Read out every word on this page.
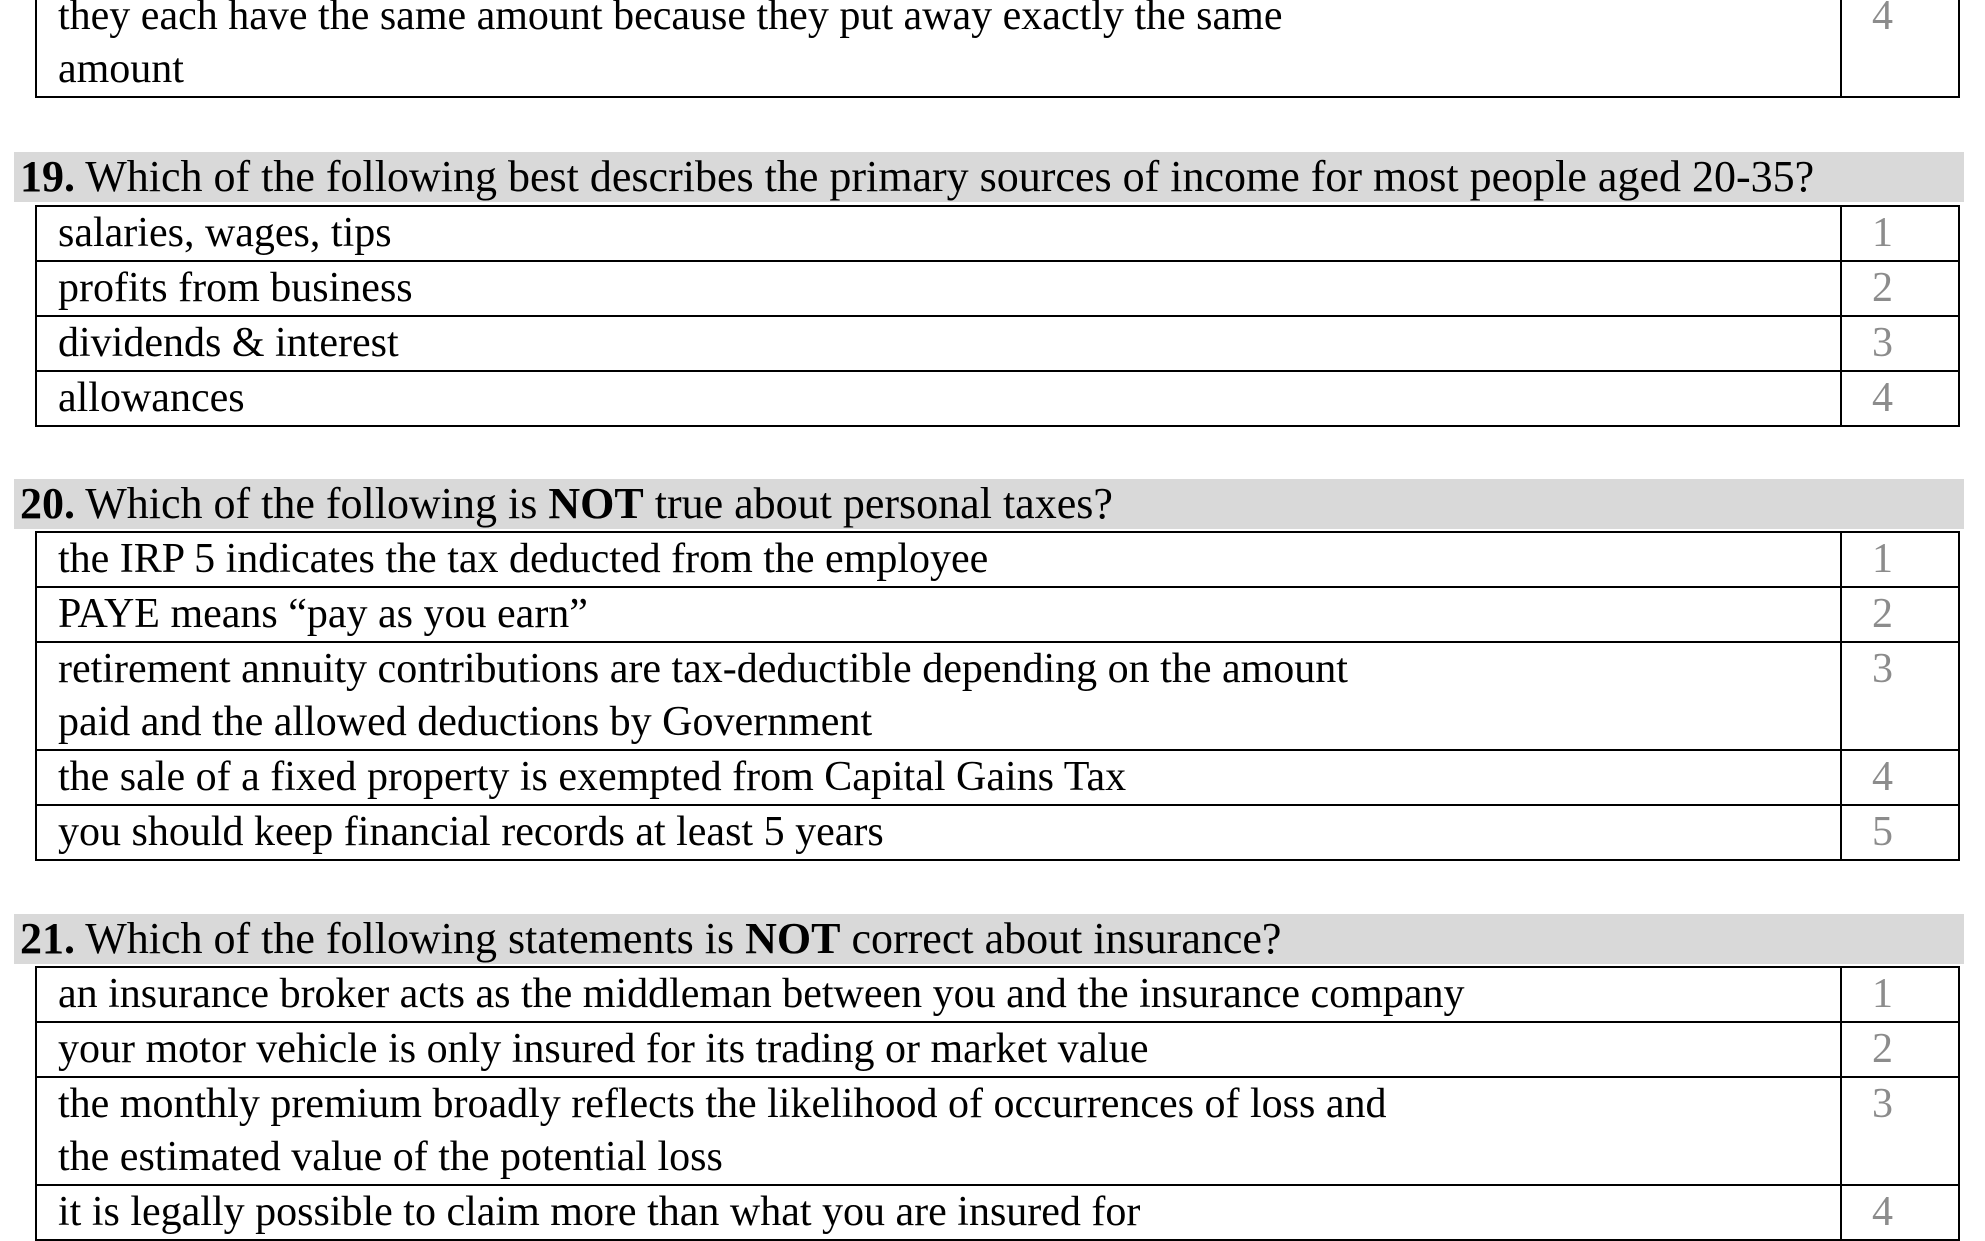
they each have the same amount because they put away exactly the same
amount
	4
19. Which of the following best describes the primary sources of income for most people aged 20-35?
salaries, wages, tips	1
profits from business	2
dividends & interest	3
allowances	4
20. Which of the following is NOT true about personal taxes?
the IRP 5 indicates the tax deducted from the employee	1
PAYE means “pay as you earn”	2

retirement annuity contributions are tax-deductible depending on the amount
paid and the allowed deductions by Government	3
the sale of a fixed property is exempted from Capital Gains Tax	4
you should keep financial records at least 5 years	5
21. Which of the following statements is NOT correct about insurance?
an insurance broker acts as the middleman between you and the insurance company	1
your motor vehicle is only insured for its trading or market value	2

the monthly premium broadly reflects the likelihood of occurrences of loss and
the estimated value of the potential loss	3
it is legally possible to claim more than what you are insured for	4
